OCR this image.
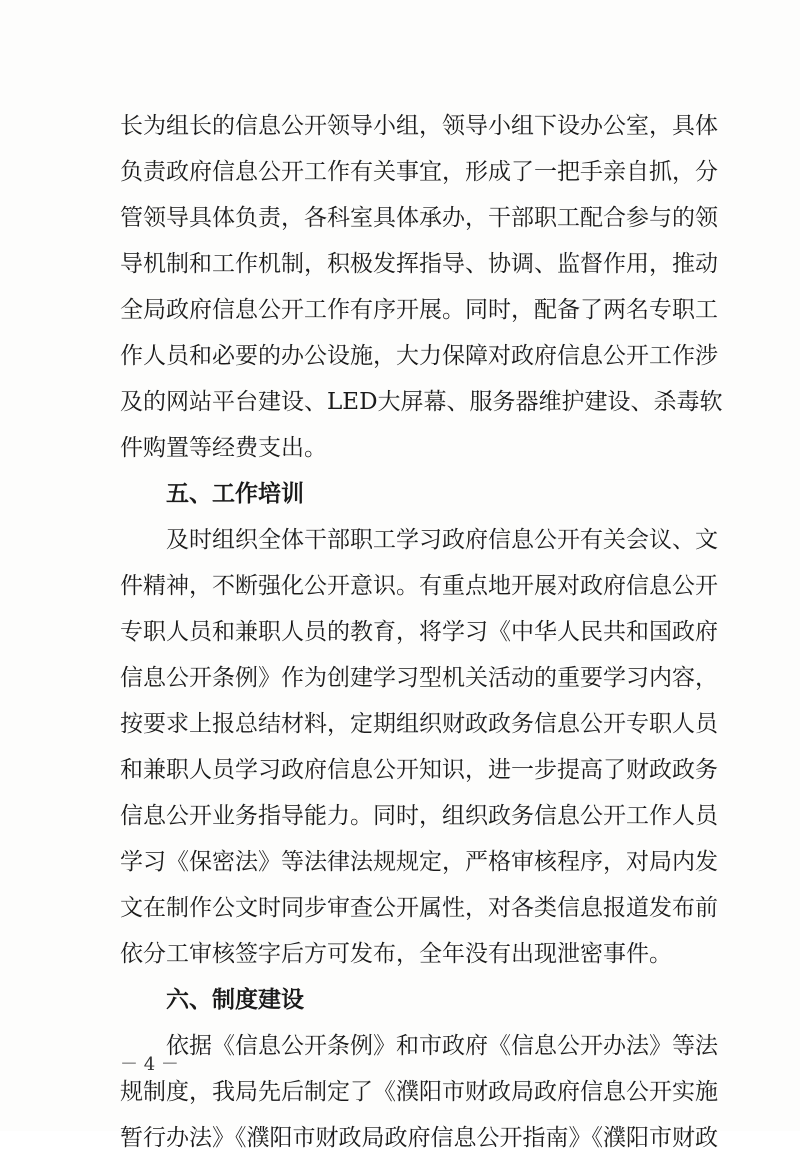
长为组长的信息公开领导小组，领导小组下设办公室，具体
负责政府信息公开工作有关事宜，形成了一把手亲自抓，分
管领导具体负责，各科室具体承办，干部职工配合参与的领
导机制和工作机制，积极发挥指导、协调、监督作用，推动
全局政府信息公开工作有序开展。同时，配备了两名专职工
作人员和必要的办公设施，大力保障对政府信息公开工作涉
及的网站平台建设、LED大屏幕、服务器维护建设、杀毒软
件购置等经费支出。
五、工作培训
及时组织全体干部职工学习政府信息公开有关会议、文
件精神，不断强化公开意识。有重点地开展对政府信息公开
专职人员和兼职人员的教育，将学习《中华人民共和国政府
信息公开条例》作为创建学习型机关活动的重要学习内容，
按要求上报总结材料，定期组织财政政务信息公开专职人员
和兼职人员学习政府信息公开知识，进一步提高了财政政务
信息公开业务指导能力。同时，组织政务信息公开工作人员
学习《保密法》等法律法规规定，严格审核程序，对局内发
文在制作公文时同步审查公开属性，对各类信息报道发布前
依分工审核签字后方可发布，全年没有出现泄密事件。
六、制度建设
依据《信息公开条例》和市政府《信息公开办法》等法
规制度，我局先后制定了《濮阳市财政局政府信息公开实施
暂行办法》《濮阳市财政局政府信息公开指南》《濮阳市财政
－ 4 －
